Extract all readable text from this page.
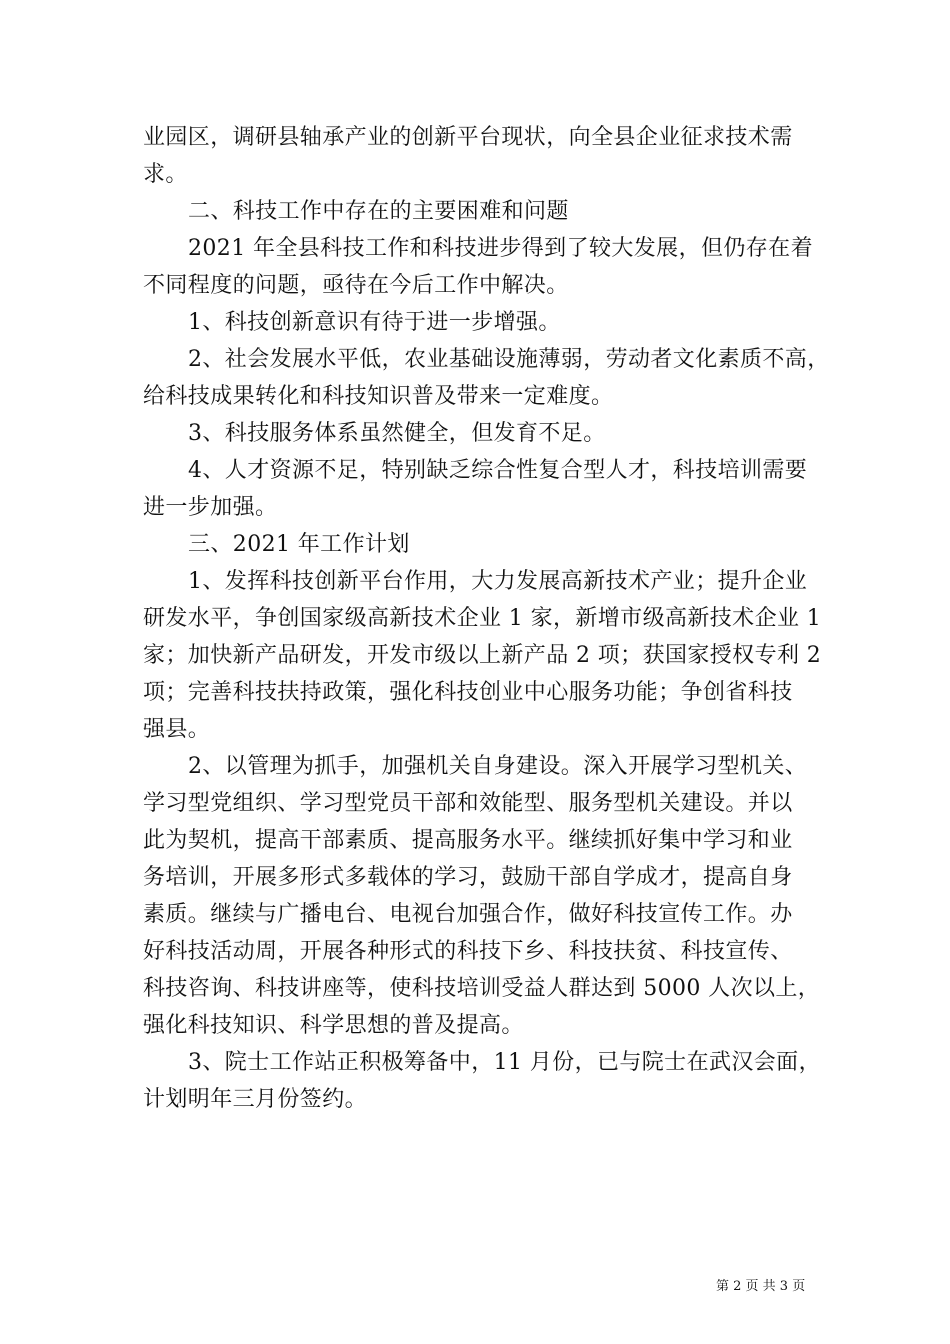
业园区，调研县轴承产业的创新平台现状，向全县企业征求技术需
求。
二、科技工作中存在的主要困难和问题
2021 年全县科技工作和科技进步得到了较大发展，但仍存在着
不同程度的问题，亟待在今后工作中解决。
1、科技创新意识有待于进一步增强。
2、社会发展水平低，农业基础设施薄弱，劳动者文化素质不高，
给科技成果转化和科技知识普及带来一定难度。
3、科技服务体系虽然健全，但发育不足。
4、人才资源不足，特别缺乏综合性复合型人才，科技培训需要
进一步加强。
三、2021 年工作计划
1、发挥科技创新平台作用，大力发展高新技术产业；提升企业
研发水平，争创国家级高新技术企业 1 家，新增市级高新技术企业 1
家；加快新产品研发，开发市级以上新产品 2 项；获国家授权专利 2
项；完善科技扶持政策，强化科技创业中心服务功能；争创省科技
强县。
2、以管理为抓手，加强机关自身建设。深入开展学习型机关、
学习型党组织、学习型党员干部和效能型、服务型机关建设。并以
此为契机，提高干部素质、提高服务水平。继续抓好集中学习和业
务培训，开展多形式多载体的学习，鼓励干部自学成才，提高自身
素质。继续与广播电台、电视台加强合作，做好科技宣传工作。办
好科技活动周，开展各种形式的科技下乡、科技扶贫、科技宣传、
科技咨询、科技讲座等，使科技培训受益人群达到 5000 人次以上，
强化科技知识、科学思想的普及提高。
3、院士工作站正积极筹备中，11 月份，已与院士在武汉会面，
计划明年三月份签约。
第 2 页 共 3 页
